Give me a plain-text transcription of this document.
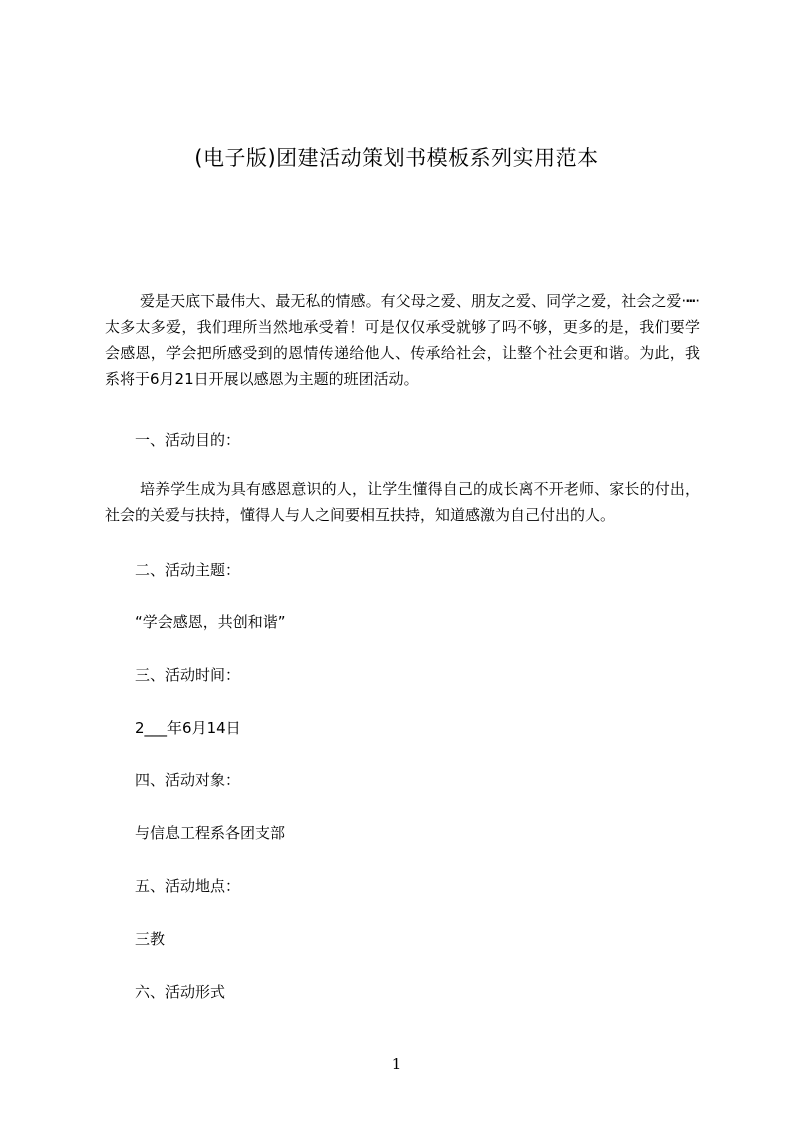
(电子版)团建活动策划书模板系列实用范本

爱是天底下最伟大、最无私的情感。有父母之爱、朋友之爱、同学之爱，社会之爱·┅·太多太多爱，我们理所当然地承受着！可是仅仅承受就够了吗不够，更多的是，我们要学会感恩，学会把所感受到的恩情传递给他人、传承给社会，让整个社会更和谐。为此，我系将于6月21日开展以感恩为主题的班团活动。

一、活动目的：

培养学生成为具有感恩意识的人，让学生懂得自己的成长离不开老师、家长的付出，社会的关爱与扶持，懂得人与人之间要相互扶持，知道感激为自己付出的人。

二、活动主题：

“学会感恩，共创和谐”

三、活动时间：

2___年6月14日

四、活动对象：

与信息工程系各团支部

五、活动地点：

三教

六、活动形式

1
